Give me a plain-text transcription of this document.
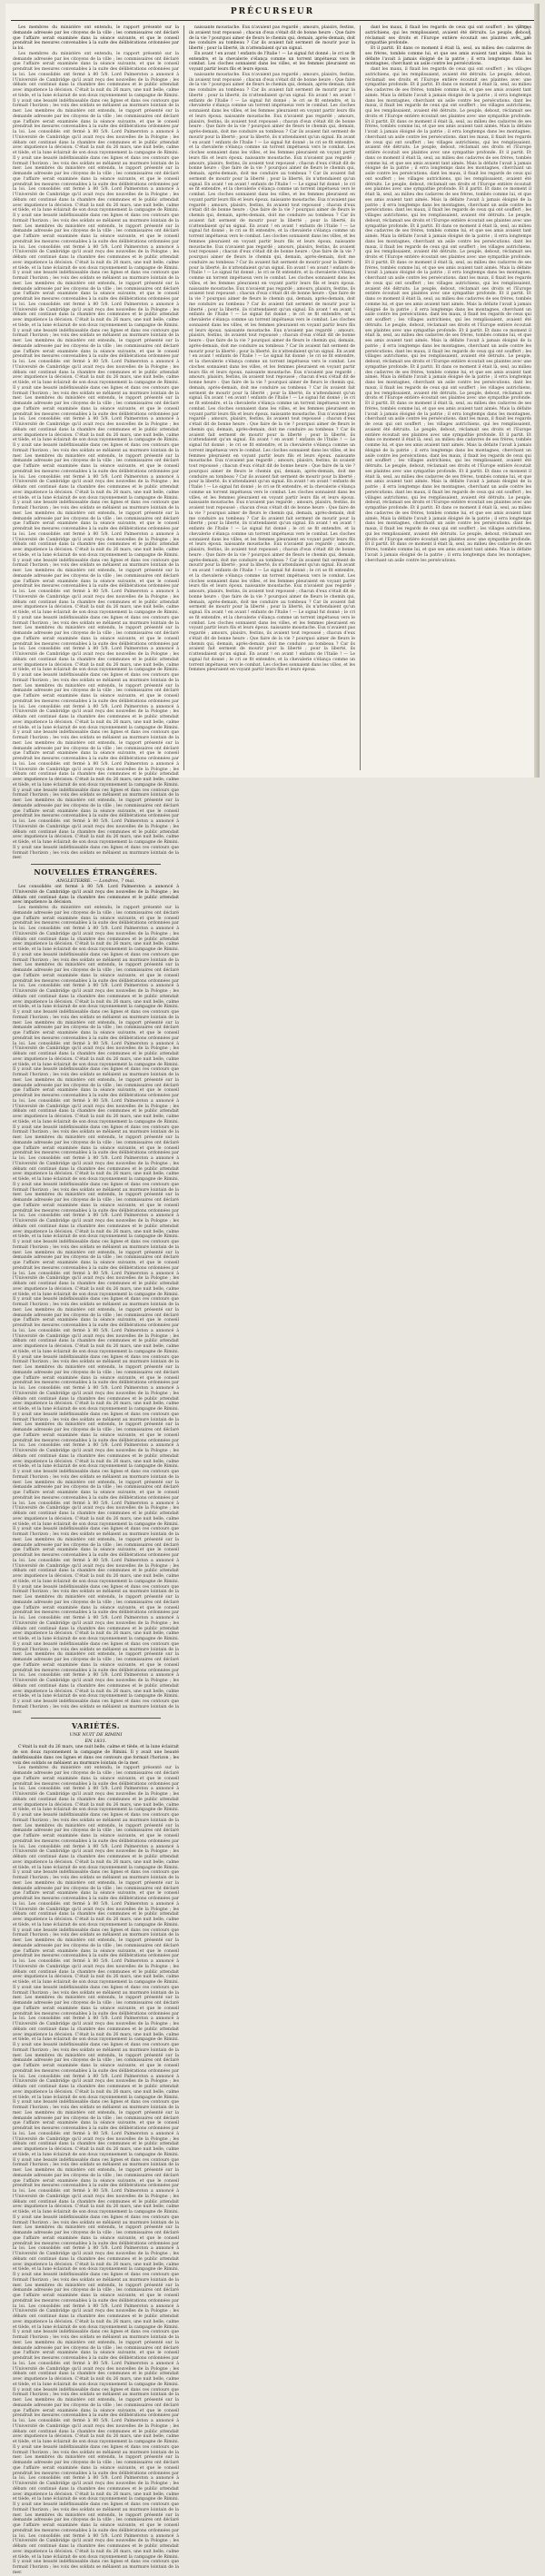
PRÉCURSEUR

Les membres du ministère ont entendu, le rapport présenté sur la demande adressée par les citoyens de la ville ; les commissaires ont déclaré que l'affaire serait examinée dans la séance suivante, et que le conseil prendrait les mesures convenables à la suite des délibérations ordonnées par la loi.

Les membres du ministère ont entendu, le rapport présenté sur la demande adressée par les citoyens de la ville ; les commissaires ont déclaré que l'affaire serait examinée dans la séance suivante, et que le conseil prendrait les mesures convenables à la suite des délibérations ordonnées par la loi. Les consolidés ont fermé à 80 5/8. Lord Palmerston a annoncé à l'Université de Cambridge qu'il avait reçu des nouvelles de la Pologne ; les débats ont continué dans la chambre des communes et le public attendait avec impatience la décision. C'était la nuit du 26 mars, une nuit belle, calme et tiède, et la lune éclairait de son doux rayonnement la campagne de Rimini. Il y avait une beauté indéfinissable dans ces lignes et dans ces contours que formait l'horizon ; les voix des soldats se mêlaient au murmure lointain de la mer. Les membres du ministère ont entendu, le rapport présenté sur la demande adressée par les citoyens de la ville ; les commissaires ont déclaré que l'affaire serait examinée dans la séance suivante, et que le conseil prendrait les mesures convenables à la suite des délibérations ordonnées par la loi. Les consolidés ont fermé à 80 5/8. Lord Palmerston a annoncé à l'Université de Cambridge qu'il avait reçu des nouvelles de la Pologne ; les débats ont continué dans la chambre des communes et le public attendait avec impatience la décision. C'était la nuit du 26 mars, une nuit belle, calme et tiède, et la lune éclairait de son doux rayonnement la campagne de Rimini. Il y avait une beauté indéfinissable dans ces lignes et dans ces contours que formait l'horizon ; les voix des soldats se mêlaient au murmure lointain de la mer. Les membres du ministère ont entendu, le rapport présenté sur la demande adressée par les citoyens de la ville ; les commissaires ont déclaré que l'affaire serait examinée dans la séance suivante, et que le conseil prendrait les mesures convenables à la suite des délibérations ordonnées par la loi. Les consolidés ont fermé à 80 5/8. Lord Palmerston a annoncé à l'Université de Cambridge qu'il avait reçu des nouvelles de la Pologne ; les débats ont continué dans la chambre des communes et le public attendait avec impatience la décision. C'était la nuit du 26 mars, une nuit belle, calme et tiède, et la lune éclairait de son doux rayonnement la campagne de Rimini. Il y avait une beauté indéfinissable dans ces lignes et dans ces contours que formait l'horizon ; les voix des soldats se mêlaient au murmure lointain de la mer. Les membres du ministère ont entendu, le rapport présenté sur la demande adressée par les citoyens de la ville ; les commissaires ont déclaré que l'affaire serait examinée dans la séance suivante, et que le conseil prendrait les mesures convenables à la suite des délibérations ordonnées par la loi. Les consolidés ont fermé à 80 5/8. Lord Palmerston a annoncé à l'Université de Cambridge qu'il avait reçu des nouvelles de la Pologne ; les débats ont continué dans la chambre des communes et le public attendait avec impatience la décision. C'était la nuit du 26 mars, une nuit belle, calme et tiède, et la lune éclairait de son doux rayonnement la campagne de Rimini. Il y avait une beauté indéfinissable dans ces lignes et dans ces contours que formait l'horizon ; les voix des soldats se mêlaient au murmure lointain de la mer. Les membres du ministère ont entendu, le rapport présenté sur la demande adressée par les citoyens de la ville ; les commissaires ont déclaré que l'affaire serait examinée dans la séance suivante, et que le conseil prendrait les mesures convenables à la suite des délibérations ordonnées par la loi. Les consolidés ont fermé à 80 5/8. Lord Palmerston a annoncé à l'Université de Cambridge qu'il avait reçu des nouvelles de la Pologne ; les débats ont continué dans la chambre des communes et le public attendait avec impatience la décision. C'était la nuit du 26 mars, une nuit belle, calme et tiède, et la lune éclairait de son doux rayonnement la campagne de Rimini. Il y avait une beauté indéfinissable dans ces lignes et dans ces contours que formait l'horizon ; les voix des soldats se mêlaient au murmure lointain de la mer. Les membres du ministère ont entendu, le rapport présenté sur la demande adressée par les citoyens de la ville ; les commissaires ont déclaré que l'affaire serait examinée dans la séance suivante, et que le conseil prendrait les mesures convenables à la suite des délibérations ordonnées par la loi. Les consolidés ont fermé à 80 5/8. Lord Palmerston a annoncé à l'Université de Cambridge qu'il avait reçu des nouvelles de la Pologne ; les débats ont continué dans la chambre des communes et le public attendait avec impatience la décision. C'était la nuit du 26 mars, une nuit belle, calme et tiède, et la lune éclairait de son doux rayonnement la campagne de Rimini. Il y avait une beauté indéfinissable dans ces lignes et dans ces contours que formait l'horizon ; les voix des soldats se mêlaient au murmure lointain de la mer. Les membres du ministère ont entendu, le rapport présenté sur la demande adressée par les citoyens de la ville ; les commissaires ont déclaré que l'affaire serait examinée dans la séance suivante, et que le conseil prendrait les mesures convenables à la suite des délibérations ordonnées par la loi. Les consolidés ont fermé à 80 5/8. Lord Palmerston a annoncé à l'Université de Cambridge qu'il avait reçu des nouvelles de la Pologne ; les débats ont continué dans la chambre des communes et le public attendait avec impatience la décision. C'était la nuit du 26 mars, une nuit belle, calme et tiède, et la lune éclairait de son doux rayonnement la campagne de Rimini. Il y avait une beauté indéfinissable dans ces lignes et dans ces contours que formait l'horizon ; les voix des soldats se mêlaient au murmure lointain de la mer. Les membres du ministère ont entendu, le rapport présenté sur la demande adressée par les citoyens de la ville ; les commissaires ont déclaré que l'affaire serait examinée dans la séance suivante, et que le conseil prendrait les mesures convenables à la suite des délibérations ordonnées par la loi. Les consolidés ont fermé à 80 5/8. Lord Palmerston a annoncé à l'Université de Cambridge qu'il avait reçu des nouvelles de la Pologne ; les débats ont continué dans la chambre des communes et le public attendait avec impatience la décision. C'était la nuit du 26 mars, une nuit belle, calme et tiède, et la lune éclairait de son doux rayonnement la campagne de Rimini. Il y avait une beauté indéfinissable dans ces lignes et dans ces contours que formait l'horizon ; les voix des soldats se mêlaient au murmure lointain de la mer. Les membres du ministère ont entendu, le rapport présenté sur la demande adressée par les citoyens de la ville ; les commissaires ont déclaré que l'affaire serait examinée dans la séance suivante, et que le conseil prendrait les mesures convenables à la suite des délibérations ordonnées par la loi. Les consolidés ont fermé à 80 5/8. Lord Palmerston a annoncé à l'Université de Cambridge qu'il avait reçu des nouvelles de la Pologne ; les débats ont continué dans la chambre des communes et le public attendait avec impatience la décision. C'était la nuit du 26 mars, une nuit belle, calme et tiède, et la lune éclairait de son doux rayonnement la campagne de Rimini. Il y avait une beauté indéfinissable dans ces lignes et dans ces contours que formait l'horizon ; les voix des soldats se mêlaient au murmure lointain de la mer. Les membres du ministère ont entendu, le rapport présenté sur la demande adressée par les citoyens de la ville ; les commissaires ont déclaré que l'affaire serait examinée dans la séance suivante, et que le conseil prendrait les mesures convenables à la suite des délibérations ordonnées par la loi. Les consolidés ont fermé à 80 5/8. Lord Palmerston a annoncé à l'Université de Cambridge qu'il avait reçu des nouvelles de la Pologne ; les débats ont continué dans la chambre des communes et le public attendait avec impatience la décision. C'était la nuit du 26 mars, une nuit belle, calme et tiède, et la lune éclairait de son doux rayonnement la campagne de Rimini. Il y avait une beauté indéfinissable dans ces lignes et dans ces contours que formait l'horizon ; les voix des soldats se mêlaient au murmure lointain de la mer. Les membres du ministère ont entendu, le rapport présenté sur la demande adressée par les citoyens de la ville ; les commissaires ont déclaré que l'affaire serait examinée dans la séance suivante, et que le conseil prendrait les mesures convenables à la suite des délibérations ordonnées par la loi. Les consolidés ont fermé à 80 5/8. Lord Palmerston a annoncé à l'Université de Cambridge qu'il avait reçu des nouvelles de la Pologne ; les débats ont continué dans la chambre des communes et le public attendait avec impatience la décision. C'était la nuit du 26 mars, une nuit belle, calme et tiède, et la lune éclairait de son doux rayonnement la campagne de Rimini. Il y avait une beauté indéfinissable dans ces lignes et dans ces contours que formait l'horizon ; les voix des soldats se mêlaient au murmure lointain de la mer. Les membres du ministère ont entendu, le rapport présenté sur la demande adressée par les citoyens de la ville ; les commissaires ont déclaré que l'affaire serait examinée dans la séance suivante, et que le conseil prendrait les mesures convenables à la suite des délibérations ordonnées par la loi. Les consolidés ont fermé à 80 5/8. Lord Palmerston a annoncé à l'Université de Cambridge qu'il avait reçu des nouvelles de la Pologne ; les débats ont continué dans la chambre des communes et le public attendait avec impatience la décision. C'était la nuit du 26 mars, une nuit belle, calme et tiède, et la lune éclairait de son doux rayonnement la campagne de Rimini. Il y avait une beauté indéfinissable dans ces lignes et dans ces contours que formait l'horizon ; les voix des soldats se mêlaient au murmure lointain de la mer. Les membres du ministère ont entendu, le rapport présenté sur la demande adressée par les citoyens de la ville ; les commissaires ont déclaré que l'affaire serait examinée dans la séance suivante, et que le conseil prendrait les mesures convenables à la suite des délibérations ordonnées par la loi. Les consolidés ont fermé à 80 5/8. Lord Palmerston a annoncé à l'Université de Cambridge qu'il avait reçu des nouvelles de la Pologne ; les débats ont continué dans la chambre des communes et le public attendait avec impatience la décision. C'était la nuit du 26 mars, une nuit belle, calme et tiède, et la lune éclairait de son doux rayonnement la campagne de Rimini. Il y avait une beauté indéfinissable dans ces lignes et dans ces contours que formait l'horizon ; les voix des soldats se mêlaient au murmure lointain de la mer. Les membres du ministère ont entendu, le rapport présenté sur la demande adressée par les citoyens de la ville ; les commissaires ont déclaré que l'affaire serait examinée dans la séance suivante, et que le conseil prendrait les mesures convenables à la suite des délibérations ordonnées par la loi. Les consolidés ont fermé à 80 5/8. Lord Palmerston a annoncé à l'Université de Cambridge qu'il avait reçu des nouvelles de la Pologne ; les débats ont continué dans la chambre des communes et le public attendait avec impatience la décision. C'était la nuit du 26 mars, une nuit belle, calme et tiède, et la lune éclairait de son doux rayonnement la campagne de Rimini. Il y avait une beauté indéfinissable dans ces lignes et dans ces contours que formait l'horizon ; les voix des soldats se mêlaient au murmure lointain de la mer.

NOUVELLES ÉTRANGÈRES.
ANGLETERRE. — Londres, 7 mai.

Les consolidés ont fermé à 80 5/8. Lord Palmerston a annoncé à l'Université de Cambridge qu'il avait reçu des nouvelles de la Pologne ; les débats ont continué dans la chambre des communes et le public attendait avec impatience la décision.

Les membres du ministère ont entendu, le rapport présenté sur la demande adressée par les citoyens de la ville ; les commissaires ont déclaré que l'affaire serait examinée dans la séance suivante, et que le conseil prendrait les mesures convenables à la suite des délibérations ordonnées par la loi. Les consolidés ont fermé à 80 5/8. Lord Palmerston a annoncé à l'Université de Cambridge qu'il avait reçu des nouvelles de la Pologne ; les débats ont continué dans la chambre des communes et le public attendait avec impatience la décision. C'était la nuit du 26 mars, une nuit belle, calme et tiède, et la lune éclairait de son doux rayonnement la campagne de Rimini. Il y avait une beauté indéfinissable dans ces lignes et dans ces contours que formait l'horizon ; les voix des soldats se mêlaient au murmure lointain de la mer. Les membres du ministère ont entendu, le rapport présenté sur la demande adressée par les citoyens de la ville ; les commissaires ont déclaré que l'affaire serait examinée dans la séance suivante, et que le conseil prendrait les mesures convenables à la suite des délibérations ordonnées par la loi. Les consolidés ont fermé à 80 5/8. Lord Palmerston a annoncé à l'Université de Cambridge qu'il avait reçu des nouvelles de la Pologne ; les débats ont continué dans la chambre des communes et le public attendait avec impatience la décision. C'était la nuit du 26 mars, une nuit belle, calme et tiède, et la lune éclairait de son doux rayonnement la campagne de Rimini. Il y avait une beauté indéfinissable dans ces lignes et dans ces contours que formait l'horizon ; les voix des soldats se mêlaient au murmure lointain de la mer. Les membres du ministère ont entendu, le rapport présenté sur la demande adressée par les citoyens de la ville ; les commissaires ont déclaré que l'affaire serait examinée dans la séance suivante, et que le conseil prendrait les mesures convenables à la suite des délibérations ordonnées par la loi. Les consolidés ont fermé à 80 5/8. Lord Palmerston a annoncé à l'Université de Cambridge qu'il avait reçu des nouvelles de la Pologne ; les débats ont continué dans la chambre des communes et le public attendait avec impatience la décision. C'était la nuit du 26 mars, une nuit belle, calme et tiède, et la lune éclairait de son doux rayonnement la campagne de Rimini. Il y avait une beauté indéfinissable dans ces lignes et dans ces contours que formait l'horizon ; les voix des soldats se mêlaient au murmure lointain de la mer. Les membres du ministère ont entendu, le rapport présenté sur la demande adressée par les citoyens de la ville ; les commissaires ont déclaré que l'affaire serait examinée dans la séance suivante, et que le conseil prendrait les mesures convenables à la suite des délibérations ordonnées par la loi. Les consolidés ont fermé à 80 5/8. Lord Palmerston a annoncé à l'Université de Cambridge qu'il avait reçu des nouvelles de la Pologne ; les débats ont continué dans la chambre des communes et le public attendait avec impatience la décision. C'était la nuit du 26 mars, une nuit belle, calme et tiède, et la lune éclairait de son doux rayonnement la campagne de Rimini. Il y avait une beauté indéfinissable dans ces lignes et dans ces contours que formait l'horizon ; les voix des soldats se mêlaient au murmure lointain de la mer. Les membres du ministère ont entendu, le rapport présenté sur la demande adressée par les citoyens de la ville ; les commissaires ont déclaré que l'affaire serait examinée dans la séance suivante, et que le conseil prendrait les mesures convenables à la suite des délibérations ordonnées par la loi. Les consolidés ont fermé à 80 5/8. Lord Palmerston a annoncé à l'Université de Cambridge qu'il avait reçu des nouvelles de la Pologne ; les débats ont continué dans la chambre des communes et le public attendait avec impatience la décision. C'était la nuit du 26 mars, une nuit belle, calme et tiède, et la lune éclairait de son doux rayonnement la campagne de Rimini. Il y avait une beauté indéfinissable dans ces lignes et dans ces contours que formait l'horizon ; les voix des soldats se mêlaient au murmure lointain de la mer. Les membres du ministère ont entendu, le rapport présenté sur la demande adressée par les citoyens de la ville ; les commissaires ont déclaré que l'affaire serait examinée dans la séance suivante, et que le conseil prendrait les mesures convenables à la suite des délibérations ordonnées par la loi. Les consolidés ont fermé à 80 5/8. Lord Palmerston a annoncé à l'Université de Cambridge qu'il avait reçu des nouvelles de la Pologne ; les débats ont continué dans la chambre des communes et le public attendait avec impatience la décision. C'était la nuit du 26 mars, une nuit belle, calme et tiède, et la lune éclairait de son doux rayonnement la campagne de Rimini. Il y avait une beauté indéfinissable dans ces lignes et dans ces contours que formait l'horizon ; les voix des soldats se mêlaient au murmure lointain de la mer. Les membres du ministère ont entendu, le rapport présenté sur la demande adressée par les citoyens de la ville ; les commissaires ont déclaré que l'affaire serait examinée dans la séance suivante, et que le conseil prendrait les mesures convenables à la suite des délibérations ordonnées par la loi. Les consolidés ont fermé à 80 5/8. Lord Palmerston a annoncé à l'Université de Cambridge qu'il avait reçu des nouvelles de la Pologne ; les débats ont continué dans la chambre des communes et le public attendait avec impatience la décision. C'était la nuit du 26 mars, une nuit belle, calme et tiède, et la lune éclairait de son doux rayonnement la campagne de Rimini. Il y avait une beauté indéfinissable dans ces lignes et dans ces contours que formait l'horizon ; les voix des soldats se mêlaient au murmure lointain de la mer. Les membres du ministère ont entendu, le rapport présenté sur la demande adressée par les citoyens de la ville ; les commissaires ont déclaré que l'affaire serait examinée dans la séance suivante, et que le conseil prendrait les mesures convenables à la suite des délibérations ordonnées par la loi. Les consolidés ont fermé à 80 5/8. Lord Palmerston a annoncé à l'Université de Cambridge qu'il avait reçu des nouvelles de la Pologne ; les débats ont continué dans la chambre des communes et le public attendait avec impatience la décision. C'était la nuit du 26 mars, une nuit belle, calme et tiède, et la lune éclairait de son doux rayonnement la campagne de Rimini. Il y avait une beauté indéfinissable dans ces lignes et dans ces contours que formait l'horizon ; les voix des soldats se mêlaient au murmure lointain de la mer. Les membres du ministère ont entendu, le rapport présenté sur la demande adressée par les citoyens de la ville ; les commissaires ont déclaré que l'affaire serait examinée dans la séance suivante, et que le conseil prendrait les mesures convenables à la suite des délibérations ordonnées par la loi. Les consolidés ont fermé à 80 5/8. Lord Palmerston a annoncé à l'Université de Cambridge qu'il avait reçu des nouvelles de la Pologne ; les débats ont continué dans la chambre des communes et le public attendait avec impatience la décision. C'était la nuit du 26 mars, une nuit belle, calme et tiède, et la lune éclairait de son doux rayonnement la campagne de Rimini. Il y avait une beauté indéfinissable dans ces lignes et dans ces contours que formait l'horizon ; les voix des soldats se mêlaient au murmure lointain de la mer. Les membres du ministère ont entendu, le rapport présenté sur la demande adressée par les citoyens de la ville ; les commissaires ont déclaré que l'affaire serait examinée dans la séance suivante, et que le conseil prendrait les mesures convenables à la suite des délibérations ordonnées par la loi. Les consolidés ont fermé à 80 5/8. Lord Palmerston a annoncé à l'Université de Cambridge qu'il avait reçu des nouvelles de la Pologne ; les débats ont continué dans la chambre des communes et le public attendait avec impatience la décision. C'était la nuit du 26 mars, une nuit belle, calme et tiède, et la lune éclairait de son doux rayonnement la campagne de Rimini. Il y avait une beauté indéfinissable dans ces lignes et dans ces contours que formait l'horizon ; les voix des soldats se mêlaient au murmure lointain de la mer. Les membres du ministère ont entendu, le rapport présenté sur la demande adressée par les citoyens de la ville ; les commissaires ont déclaré que l'affaire serait examinée dans la séance suivante, et que le conseil prendrait les mesures convenables à la suite des délibérations ordonnées par la loi. Les consolidés ont fermé à 80 5/8. Lord Palmerston a annoncé à l'Université de Cambridge qu'il avait reçu des nouvelles de la Pologne ; les débats ont continué dans la chambre des communes et le public attendait avec impatience la décision. C'était la nuit du 26 mars, une nuit belle, calme et tiède, et la lune éclairait de son doux rayonnement la campagne de Rimini. Il y avait une beauté indéfinissable dans ces lignes et dans ces contours que formait l'horizon ; les voix des soldats se mêlaient au murmure lointain de la mer. Les membres du ministère ont entendu, le rapport présenté sur la demande adressée par les citoyens de la ville ; les commissaires ont déclaré que l'affaire serait examinée dans la séance suivante, et que le conseil prendrait les mesures convenables à la suite des délibérations ordonnées par la loi. Les consolidés ont fermé à 80 5/8. Lord Palmerston a annoncé à l'Université de Cambridge qu'il avait reçu des nouvelles de la Pologne ; les débats ont continué dans la chambre des communes et le public attendait avec impatience la décision. C'était la nuit du 26 mars, une nuit belle, calme et tiède, et la lune éclairait de son doux rayonnement la campagne de Rimini. Il y avait une beauté indéfinissable dans ces lignes et dans ces contours que formait l'horizon ; les voix des soldats se mêlaient au murmure lointain de la mer. Les membres du ministère ont entendu, le rapport présenté sur la demande adressée par les citoyens de la ville ; les commissaires ont déclaré que l'affaire serait examinée dans la séance suivante, et que le conseil prendrait les mesures convenables à la suite des délibérations ordonnées par la loi. Les consolidés ont fermé à 80 5/8. Lord Palmerston a annoncé à l'Université de Cambridge qu'il avait reçu des nouvelles de la Pologne ; les débats ont continué dans la chambre des communes et le public attendait avec impatience la décision. C'était la nuit du 26 mars, une nuit belle, calme et tiède, et la lune éclairait de son doux rayonnement la campagne de Rimini. Il y avait une beauté indéfinissable dans ces lignes et dans ces contours que formait l'horizon ; les voix des soldats se mêlaient au murmure lointain de la mer. Les membres du ministère ont entendu, le rapport présenté sur la demande adressée par les citoyens de la ville ; les commissaires ont déclaré que l'affaire serait examinée dans la séance suivante, et que le conseil prendrait les mesures convenables à la suite des délibérations ordonnées par la loi. Les consolidés ont fermé à 80 5/8. Lord Palmerston a annoncé à l'Université de Cambridge qu'il avait reçu des nouvelles de la Pologne ; les débats ont continué dans la chambre des communes et le public attendait avec impatience la décision. C'était la nuit du 26 mars, une nuit belle, calme et tiède, et la lune éclairait de son doux rayonnement la campagne de Rimini. Il y avait une beauté indéfinissable dans ces lignes et dans ces contours que formait l'horizon ; les voix des soldats se mêlaient au murmure lointain de la mer.

VARIÉTÉS.
UNE NUIT DE RIMINI
EN 1831.

C'était la nuit du 26 mars, une nuit belle, calme et tiède, et la lune éclairait de son doux rayonnement la campagne de Rimini. Il y avait une beauté indéfinissable dans ces lignes et dans ces contours que formait l'horizon ; les voix des soldats se mêlaient au murmure lointain de la mer.

Les membres du ministère ont entendu, le rapport présenté sur la demande adressée par les citoyens de la ville ; les commissaires ont déclaré que l'affaire serait examinée dans la séance suivante, et que le conseil prendrait les mesures convenables à la suite des délibérations ordonnées par la loi. Les consolidés ont fermé à 80 5/8. Lord Palmerston a annoncé à l'Université de Cambridge qu'il avait reçu des nouvelles de la Pologne ; les débats ont continué dans la chambre des communes et le public attendait avec impatience la décision. C'était la nuit du 26 mars, une nuit belle, calme et tiède, et la lune éclairait de son doux rayonnement la campagne de Rimini. Il y avait une beauté indéfinissable dans ces lignes et dans ces contours que formait l'horizon ; les voix des soldats se mêlaient au murmure lointain de la mer. Les membres du ministère ont entendu, le rapport présenté sur la demande adressée par les citoyens de la ville ; les commissaires ont déclaré que l'affaire serait examinée dans la séance suivante, et que le conseil prendrait les mesures convenables à la suite des délibérations ordonnées par la loi. Les consolidés ont fermé à 80 5/8. Lord Palmerston a annoncé à l'Université de Cambridge qu'il avait reçu des nouvelles de la Pologne ; les débats ont continué dans la chambre des communes et le public attendait avec impatience la décision. C'était la nuit du 26 mars, une nuit belle, calme et tiède, et la lune éclairait de son doux rayonnement la campagne de Rimini. Il y avait une beauté indéfinissable dans ces lignes et dans ces contours que formait l'horizon ; les voix des soldats se mêlaient au murmure lointain de la mer. Les membres du ministère ont entendu, le rapport présenté sur la demande adressée par les citoyens de la ville ; les commissaires ont déclaré que l'affaire serait examinée dans la séance suivante, et que le conseil prendrait les mesures convenables à la suite des délibérations ordonnées par la loi. Les consolidés ont fermé à 80 5/8. Lord Palmerston a annoncé à l'Université de Cambridge qu'il avait reçu des nouvelles de la Pologne ; les débats ont continué dans la chambre des communes et le public attendait avec impatience la décision. C'était la nuit du 26 mars, une nuit belle, calme et tiède, et la lune éclairait de son doux rayonnement la campagne de Rimini. Il y avait une beauté indéfinissable dans ces lignes et dans ces contours que formait l'horizon ; les voix des soldats se mêlaient au murmure lointain de la mer. Les membres du ministère ont entendu, le rapport présenté sur la demande adressée par les citoyens de la ville ; les commissaires ont déclaré que l'affaire serait examinée dans la séance suivante, et que le conseil prendrait les mesures convenables à la suite des délibérations ordonnées par la loi. Les consolidés ont fermé à 80 5/8. Lord Palmerston a annoncé à l'Université de Cambridge qu'il avait reçu des nouvelles de la Pologne ; les débats ont continué dans la chambre des communes et le public attendait avec impatience la décision. C'était la nuit du 26 mars, une nuit belle, calme et tiède, et la lune éclairait de son doux rayonnement la campagne de Rimini. Il y avait une beauté indéfinissable dans ces lignes et dans ces contours que formait l'horizon ; les voix des soldats se mêlaient au murmure lointain de la mer. Les membres du ministère ont entendu, le rapport présenté sur la demande adressée par les citoyens de la ville ; les commissaires ont déclaré que l'affaire serait examinée dans la séance suivante, et que le conseil prendrait les mesures convenables à la suite des délibérations ordonnées par la loi. Les consolidés ont fermé à 80 5/8. Lord Palmerston a annoncé à l'Université de Cambridge qu'il avait reçu des nouvelles de la Pologne ; les débats ont continué dans la chambre des communes et le public attendait avec impatience la décision. C'était la nuit du 26 mars, une nuit belle, calme et tiède, et la lune éclairait de son doux rayonnement la campagne de Rimini. Il y avait une beauté indéfinissable dans ces lignes et dans ces contours que formait l'horizon ; les voix des soldats se mêlaient au murmure lointain de la mer. Les membres du ministère ont entendu, le rapport présenté sur la demande adressée par les citoyens de la ville ; les commissaires ont déclaré que l'affaire serait examinée dans la séance suivante, et que le conseil prendrait les mesures convenables à la suite des délibérations ordonnées par la loi. Les consolidés ont fermé à 80 5/8. Lord Palmerston a annoncé à l'Université de Cambridge qu'il avait reçu des nouvelles de la Pologne ; les débats ont continué dans la chambre des communes et le public attendait avec impatience la décision. C'était la nuit du 26 mars, une nuit belle, calme et tiède, et la lune éclairait de son doux rayonnement la campagne de Rimini. Il y avait une beauté indéfinissable dans ces lignes et dans ces contours que formait l'horizon ; les voix des soldats se mêlaient au murmure lointain de la mer. Les membres du ministère ont entendu, le rapport présenté sur la demande adressée par les citoyens de la ville ; les commissaires ont déclaré que l'affaire serait examinée dans la séance suivante, et que le conseil prendrait les mesures convenables à la suite des délibérations ordonnées par la loi. Les consolidés ont fermé à 80 5/8. Lord Palmerston a annoncé à l'Université de Cambridge qu'il avait reçu des nouvelles de la Pologne ; les débats ont continué dans la chambre des communes et le public attendait avec impatience la décision. C'était la nuit du 26 mars, une nuit belle, calme et tiède, et la lune éclairait de son doux rayonnement la campagne de Rimini. Il y avait une beauté indéfinissable dans ces lignes et dans ces contours que formait l'horizon ; les voix des soldats se mêlaient au murmure lointain de la mer. Les membres du ministère ont entendu, le rapport présenté sur la demande adressée par les citoyens de la ville ; les commissaires ont déclaré que l'affaire serait examinée dans la séance suivante, et que le conseil prendrait les mesures convenables à la suite des délibérations ordonnées par la loi. Les consolidés ont fermé à 80 5/8. Lord Palmerston a annoncé à l'Université de Cambridge qu'il avait reçu des nouvelles de la Pologne ; les débats ont continué dans la chambre des communes et le public attendait avec impatience la décision. C'était la nuit du 26 mars, une nuit belle, calme et tiède, et la lune éclairait de son doux rayonnement la campagne de Rimini. Il y avait une beauté indéfinissable dans ces lignes et dans ces contours que formait l'horizon ; les voix des soldats se mêlaient au murmure lointain de la mer. Les membres du ministère ont entendu, le rapport présenté sur la demande adressée par les citoyens de la ville ; les commissaires ont déclaré que l'affaire serait examinée dans la séance suivante, et que le conseil prendrait les mesures convenables à la suite des délibérations ordonnées par la loi. Les consolidés ont fermé à 80 5/8. Lord Palmerston a annoncé à l'Université de Cambridge qu'il avait reçu des nouvelles de la Pologne ; les débats ont continué dans la chambre des communes et le public attendait avec impatience la décision. C'était la nuit du 26 mars, une nuit belle, calme et tiède, et la lune éclairait de son doux rayonnement la campagne de Rimini. Il y avait une beauté indéfinissable dans ces lignes et dans ces contours que formait l'horizon ; les voix des soldats se mêlaient au murmure lointain de la mer. Les membres du ministère ont entendu, le rapport présenté sur la demande adressée par les citoyens de la ville ; les commissaires ont déclaré que l'affaire serait examinée dans la séance suivante, et que le conseil prendrait les mesures convenables à la suite des délibérations ordonnées par la loi. Les consolidés ont fermé à 80 5/8. Lord Palmerston a annoncé à l'Université de Cambridge qu'il avait reçu des nouvelles de la Pologne ; les débats ont continué dans la chambre des communes et le public attendait avec impatience la décision. C'était la nuit du 26 mars, une nuit belle, calme et tiède, et la lune éclairait de son doux rayonnement la campagne de Rimini. Il y avait une beauté indéfinissable dans ces lignes et dans ces contours que formait l'horizon ; les voix des soldats se mêlaient au murmure lointain de la mer. Les membres du ministère ont entendu, le rapport présenté sur la demande adressée par les citoyens de la ville ; les commissaires ont déclaré que l'affaire serait examinée dans la séance suivante, et que le conseil prendrait les mesures convenables à la suite des délibérations ordonnées par la loi. Les consolidés ont fermé à 80 5/8. Lord Palmerston a annoncé à l'Université de Cambridge qu'il avait reçu des nouvelles de la Pologne ; les débats ont continué dans la chambre des communes et le public attendait avec impatience la décision. C'était la nuit du 26 mars, une nuit belle, calme et tiède, et la lune éclairait de son doux rayonnement la campagne de Rimini. Il y avait une beauté indéfinissable dans ces lignes et dans ces contours que formait l'horizon ; les voix des soldats se mêlaient au murmure lointain de la mer. Les membres du ministère ont entendu, le rapport présenté sur la demande adressée par les citoyens de la ville ; les commissaires ont déclaré que l'affaire serait examinée dans la séance suivante, et que le conseil prendrait les mesures convenables à la suite des délibérations ordonnées par la loi. Les consolidés ont fermé à 80 5/8. Lord Palmerston a annoncé à l'Université de Cambridge qu'il avait reçu des nouvelles de la Pologne ; les débats ont continué dans la chambre des communes et le public attendait avec impatience la décision. C'était la nuit du 26 mars, une nuit belle, calme et tiède, et la lune éclairait de son doux rayonnement la campagne de Rimini. Il y avait une beauté indéfinissable dans ces lignes et dans ces contours que formait l'horizon ; les voix des soldats se mêlaient au murmure lointain de la mer. Les membres du ministère ont entendu, le rapport présenté sur la demande adressée par les citoyens de la ville ; les commissaires ont déclaré que l'affaire serait examinée dans la séance suivante, et que le conseil prendrait les mesures convenables à la suite des délibérations ordonnées par la loi. Les consolidés ont fermé à 80 5/8. Lord Palmerston a annoncé à l'Université de Cambridge qu'il avait reçu des nouvelles de la Pologne ; les débats ont continué dans la chambre des communes et le public attendait avec impatience la décision. C'était la nuit du 26 mars, une nuit belle, calme et tiède, et la lune éclairait de son doux rayonnement la campagne de Rimini. Il y avait une beauté indéfinissable dans ces lignes et dans ces contours que formait l'horizon ; les voix des soldats se mêlaient au murmure lointain de la mer. Les membres du ministère ont entendu, le rapport présenté sur la demande adressée par les citoyens de la ville ; les commissaires ont déclaré que l'affaire serait examinée dans la séance suivante, et que le conseil prendrait les mesures convenables à la suite des délibérations ordonnées par la loi. Les consolidés ont fermé à 80 5/8. Lord Palmerston a annoncé à l'Université de Cambridge qu'il avait reçu des nouvelles de la Pologne ; les débats ont continué dans la chambre des communes et le public attendait avec impatience la décision. C'était la nuit du 26 mars, une nuit belle, calme et tiède, et la lune éclairait de son doux rayonnement la campagne de Rimini. Il y avait une beauté indéfinissable dans ces lignes et dans ces contours que formait l'horizon ; les voix des soldats se mêlaient au murmure lointain de la mer.

naissante moustache. Eux n'avaient pas regardé ; amours, plaisirs, festins, ils avaient tout repoussé ; chacun d'eux s'était dit de bonne heure : Que faire de la vie ? pourquoi aimer de fleurs le chemin qui, demain, après-demain, doit me conduire au tombeau ? Car ils avaient fait serment de mourir pour la liberté ; pour la liberté, ils n'attendaient qu'un signal.

En avant ! en avant ! enfants de l'Italie ! — Le signal fut donné ; le cri se fit entendre, et la chevalerie s'élança comme un torrent impétueux vers le combat. Les cloches sonnaient dans les villes, et les femmes pleuraient en voyant partir leurs fils et leurs époux.

naissante moustache. Eux n'avaient pas regardé ; amours, plaisirs, festins, ils avaient tout repoussé ; chacun d'eux s'était dit de bonne heure : Que faire de la vie ? pourquoi aimer de fleurs le chemin qui, demain, après-demain, doit me conduire au tombeau ? Car ils avaient fait serment de mourir pour la liberté ; pour la liberté, ils n'attendaient qu'un signal. En avant ! en avant ! enfants de l'Italie ! — Le signal fut donné ; le cri se fit entendre, et la chevalerie s'élança comme un torrent impétueux vers le combat. Les cloches sonnaient dans les villes, et les femmes pleuraient en voyant partir leurs fils et leurs époux. naissante moustache. Eux n'avaient pas regardé ; amours, plaisirs, festins, ils avaient tout repoussé ; chacun d'eux s'était dit de bonne heure : Que faire de la vie ? pourquoi aimer de fleurs le chemin qui, demain, après-demain, doit me conduire au tombeau ? Car ils avaient fait serment de mourir pour la liberté ; pour la liberté, ils n'attendaient qu'un signal. En avant ! en avant ! enfants de l'Italie ! — Le signal fut donné ; le cri se fit entendre, et la chevalerie s'élança comme un torrent impétueux vers le combat. Les cloches sonnaient dans les villes, et les femmes pleuraient en voyant partir leurs fils et leurs époux. naissante moustache. Eux n'avaient pas regardé ; amours, plaisirs, festins, ils avaient tout repoussé ; chacun d'eux s'était dit de bonne heure : Que faire de la vie ? pourquoi aimer de fleurs le chemin qui, demain, après-demain, doit me conduire au tombeau ? Car ils avaient fait serment de mourir pour la liberté ; pour la liberté, ils n'attendaient qu'un signal. En avant ! en avant ! enfants de l'Italie ! — Le signal fut donné ; le cri se fit entendre, et la chevalerie s'élança comme un torrent impétueux vers le combat. Les cloches sonnaient dans les villes, et les femmes pleuraient en voyant partir leurs fils et leurs époux. naissante moustache. Eux n'avaient pas regardé ; amours, plaisirs, festins, ils avaient tout repoussé ; chacun d'eux s'était dit de bonne heure : Que faire de la vie ? pourquoi aimer de fleurs le chemin qui, demain, après-demain, doit me conduire au tombeau ? Car ils avaient fait serment de mourir pour la liberté ; pour la liberté, ils n'attendaient qu'un signal. En avant ! en avant ! enfants de l'Italie ! — Le signal fut donné ; le cri se fit entendre, et la chevalerie s'élança comme un torrent impétueux vers le combat. Les cloches sonnaient dans les villes, et les femmes pleuraient en voyant partir leurs fils et leurs époux. naissante moustache. Eux n'avaient pas regardé ; amours, plaisirs, festins, ils avaient tout repoussé ; chacun d'eux s'était dit de bonne heure : Que faire de la vie ? pourquoi aimer de fleurs le chemin qui, demain, après-demain, doit me conduire au tombeau ? Car ils avaient fait serment de mourir pour la liberté ; pour la liberté, ils n'attendaient qu'un signal. En avant ! en avant ! enfants de l'Italie ! — Le signal fut donné ; le cri se fit entendre, et la chevalerie s'élança comme un torrent impétueux vers le combat. Les cloches sonnaient dans les villes, et les femmes pleuraient en voyant partir leurs fils et leurs époux. naissante moustache. Eux n'avaient pas regardé ; amours, plaisirs, festins, ils avaient tout repoussé ; chacun d'eux s'était dit de bonne heure : Que faire de la vie ? pourquoi aimer de fleurs le chemin qui, demain, après-demain, doit me conduire au tombeau ? Car ils avaient fait serment de mourir pour la liberté ; pour la liberté, ils n'attendaient qu'un signal. En avant ! en avant ! enfants de l'Italie ! — Le signal fut donné ; le cri se fit entendre, et la chevalerie s'élança comme un torrent impétueux vers le combat. Les cloches sonnaient dans les villes, et les femmes pleuraient en voyant partir leurs fils et leurs époux. naissante moustache. Eux n'avaient pas regardé ; amours, plaisirs, festins, ils avaient tout repoussé ; chacun d'eux s'était dit de bonne heure : Que faire de la vie ? pourquoi aimer de fleurs le chemin qui, demain, après-demain, doit me conduire au tombeau ? Car ils avaient fait serment de mourir pour la liberté ; pour la liberté, ils n'attendaient qu'un signal. En avant ! en avant ! enfants de l'Italie ! — Le signal fut donné ; le cri se fit entendre, et la chevalerie s'élança comme un torrent impétueux vers le combat. Les cloches sonnaient dans les villes, et les femmes pleuraient en voyant partir leurs fils et leurs époux. naissante moustache. Eux n'avaient pas regardé ; amours, plaisirs, festins, ils avaient tout repoussé ; chacun d'eux s'était dit de bonne heure : Que faire de la vie ? pourquoi aimer de fleurs le chemin qui, demain, après-demain, doit me conduire au tombeau ? Car ils avaient fait serment de mourir pour la liberté ; pour la liberté, ils n'attendaient qu'un signal. En avant ! en avant ! enfants de l'Italie ! — Le signal fut donné ; le cri se fit entendre, et la chevalerie s'élança comme un torrent impétueux vers le combat. Les cloches sonnaient dans les villes, et les femmes pleuraient en voyant partir leurs fils et leurs époux. naissante moustache. Eux n'avaient pas regardé ; amours, plaisirs, festins, ils avaient tout repoussé ; chacun d'eux s'était dit de bonne heure : Que faire de la vie ? pourquoi aimer de fleurs le chemin qui, demain, après-demain, doit me conduire au tombeau ? Car ils avaient fait serment de mourir pour la liberté ; pour la liberté, ils n'attendaient qu'un signal. En avant ! en avant ! enfants de l'Italie ! — Le signal fut donné ; le cri se fit entendre, et la chevalerie s'élança comme un torrent impétueux vers le combat. Les cloches sonnaient dans les villes, et les femmes pleuraient en voyant partir leurs fils et leurs époux. naissante moustache. Eux n'avaient pas regardé ; amours, plaisirs, festins, ils avaient tout repoussé ; chacun d'eux s'était dit de bonne heure : Que faire de la vie ? pourquoi aimer de fleurs le chemin qui, demain, après-demain, doit me conduire au tombeau ? Car ils avaient fait serment de mourir pour la liberté ; pour la liberté, ils n'attendaient qu'un signal. En avant ! en avant ! enfants de l'Italie ! — Le signal fut donné ; le cri se fit entendre, et la chevalerie s'élança comme un torrent impétueux vers le combat. Les cloches sonnaient dans les villes, et les femmes pleuraient en voyant partir leurs fils et leurs époux. naissante moustache. Eux n'avaient pas regardé ; amours, plaisirs, festins, ils avaient tout repoussé ; chacun d'eux s'était dit de bonne heure : Que faire de la vie ? pourquoi aimer de fleurs le chemin qui, demain, après-demain, doit me conduire au tombeau ? Car ils avaient fait serment de mourir pour la liberté ; pour la liberté, ils n'attendaient qu'un signal. En avant ! en avant ! enfants de l'Italie ! — Le signal fut donné ; le cri se fit entendre, et la chevalerie s'élança comme un torrent impétueux vers le combat. Les cloches sonnaient dans les villes, et les femmes pleuraient en voyant partir leurs fils et leurs époux. naissante moustache. Eux n'avaient pas regardé ; amours, plaisirs, festins, ils avaient tout repoussé ; chacun d'eux s'était dit de bonne heure : Que faire de la vie ? pourquoi aimer de fleurs le chemin qui, demain, après-demain, doit me conduire au tombeau ? Car ils avaient fait serment de mourir pour la liberté ; pour la liberté, ils n'attendaient qu'un signal. En avant ! en avant ! enfants de l'Italie ! — Le signal fut donné ; le cri se fit entendre, et la chevalerie s'élança comme un torrent impétueux vers le combat. Les cloches sonnaient dans les villes, et les femmes pleuraient en voyant partir leurs fils et leurs époux. naissante moustache. Eux n'avaient pas regardé ; amours, plaisirs, festins, ils avaient tout repoussé ; chacun d'eux s'était dit de bonne heure : Que faire de la vie ? pourquoi aimer de fleurs le chemin qui, demain, après-demain, doit me conduire au tombeau ? Car ils avaient fait serment de mourir pour la liberté ; pour la liberté, ils n'attendaient qu'un signal. En avant ! en avant ! enfants de l'Italie ! — Le signal fut donné ; le cri se fit entendre, et la chevalerie s'élança comme un torrent impétueux vers le combat. Les cloches sonnaient dans les villes, et les femmes pleuraient en voyant partir leurs fils et leurs époux. naissante moustache. Eux n'avaient pas regardé ; amours, plaisirs, festins, ils avaient tout repoussé ; chacun d'eux s'était dit de bonne heure : Que faire de la vie ? pourquoi aimer de fleurs le chemin qui, demain, après-demain, doit me conduire au tombeau ? Car ils avaient fait serment de mourir pour la liberté ; pour la liberté, ils n'attendaient qu'un signal. En avant ! en avant ! enfants de l'Italie ! — Le signal fut donné ; le cri se fit entendre, et la chevalerie s'élança comme un torrent impétueux vers le combat. Les cloches sonnaient dans les villes, et les femmes pleuraient en voyant partir leurs fils et leurs époux.

dant les maux, il fixait les regards de ceux qui ont souffert ; les villages autrichiens, qui les remplissaient, avaient été détruits. Le peuple, debout, réclamait ses droits et l'Europe entière écoutait ses plaintes avec une sympathie profonde.

Et il partit. Et dans ce moment il était là, seul, au milieu des cadavres de ses frères, tombés comme lui, et que ses amis avaient tant aimés. Mais la défaite l'avait à jamais éloigné de la patrie ; il erra longtemps dans les montagnes, cherchant un asile contre les persécutions.

dant les maux, il fixait les regards de ceux qui ont souffert ; les villages autrichiens, qui les remplissaient, avaient été détruits. Le peuple, debout, réclamait ses droits et l'Europe entière écoutait ses plaintes avec une sympathie profonde. Et il partit. Et dans ce moment il était là, seul, au milieu des cadavres de ses frères, tombés comme lui, et que ses amis avaient tant aimés. Mais la défaite l'avait à jamais éloigné de la patrie ; il erra longtemps dans les montagnes, cherchant un asile contre les persécutions. dant les maux, il fixait les regards de ceux qui ont souffert ; les villages autrichiens, qui les remplissaient, avaient été détruits. Le peuple, debout, réclamait ses droits et l'Europe entière écoutait ses plaintes avec une sympathie profonde. Et il partit. Et dans ce moment il était là, seul, au milieu des cadavres de ses frères, tombés comme lui, et que ses amis avaient tant aimés. Mais la défaite l'avait à jamais éloigné de la patrie ; il erra longtemps dans les montagnes, cherchant un asile contre les persécutions. dant les maux, il fixait les regards de ceux qui ont souffert ; les villages autrichiens, qui les remplissaient, avaient été détruits. Le peuple, debout, réclamait ses droits et l'Europe entière écoutait ses plaintes avec une sympathie profonde. Et il partit. Et dans ce moment il était là, seul, au milieu des cadavres de ses frères, tombés comme lui, et que ses amis avaient tant aimés. Mais la défaite l'avait à jamais éloigné de la patrie ; il erra longtemps dans les montagnes, cherchant un asile contre les persécutions. dant les maux, il fixait les regards de ceux qui ont souffert ; les villages autrichiens, qui les remplissaient, avaient été détruits. Le peuple, debout, réclamait ses droits et l'Europe entière écoutait ses plaintes avec une sympathie profonde. Et il partit. Et dans ce moment il était là, seul, au milieu des cadavres de ses frères, tombés comme lui, et que ses amis avaient tant aimés. Mais la défaite l'avait à jamais éloigné de la patrie ; il erra longtemps dans les montagnes, cherchant un asile contre les persécutions. dant les maux, il fixait les regards de ceux qui ont souffert ; les villages autrichiens, qui les remplissaient, avaient été détruits. Le peuple, debout, réclamait ses droits et l'Europe entière écoutait ses plaintes avec une sympathie profonde. Et il partit. Et dans ce moment il était là, seul, au milieu des cadavres de ses frères, tombés comme lui, et que ses amis avaient tant aimés. Mais la défaite l'avait à jamais éloigné de la patrie ; il erra longtemps dans les montagnes, cherchant un asile contre les persécutions. dant les maux, il fixait les regards de ceux qui ont souffert ; les villages autrichiens, qui les remplissaient, avaient été détruits. Le peuple, debout, réclamait ses droits et l'Europe entière écoutait ses plaintes avec une sympathie profonde. Et il partit. Et dans ce moment il était là, seul, au milieu des cadavres de ses frères, tombés comme lui, et que ses amis avaient tant aimés. Mais la défaite l'avait à jamais éloigné de la patrie ; il erra longtemps dans les montagnes, cherchant un asile contre les persécutions. dant les maux, il fixait les regards de ceux qui ont souffert ; les villages autrichiens, qui les remplissaient, avaient été détruits. Le peuple, debout, réclamait ses droits et l'Europe entière écoutait ses plaintes avec une sympathie profonde. Et il partit. Et dans ce moment il était là, seul, au milieu des cadavres de ses frères, tombés comme lui, et que ses amis avaient tant aimés. Mais la défaite l'avait à jamais éloigné de la patrie ; il erra longtemps dans les montagnes, cherchant un asile contre les persécutions. dant les maux, il fixait les regards de ceux qui ont souffert ; les villages autrichiens, qui les remplissaient, avaient été détruits. Le peuple, debout, réclamait ses droits et l'Europe entière écoutait ses plaintes avec une sympathie profonde. Et il partit. Et dans ce moment il était là, seul, au milieu des cadavres de ses frères, tombés comme lui, et que ses amis avaient tant aimés. Mais la défaite l'avait à jamais éloigné de la patrie ; il erra longtemps dans les montagnes, cherchant un asile contre les persécutions. dant les maux, il fixait les regards de ceux qui ont souffert ; les villages autrichiens, qui les remplissaient, avaient été détruits. Le peuple, debout, réclamait ses droits et l'Europe entière écoutait ses plaintes avec une sympathie profonde. Et il partit. Et dans ce moment il était là, seul, au milieu des cadavres de ses frères, tombés comme lui, et que ses amis avaient tant aimés. Mais la défaite l'avait à jamais éloigné de la patrie ; il erra longtemps dans les montagnes, cherchant un asile contre les persécutions. dant les maux, il fixait les regards de ceux qui ont souffert ; les villages autrichiens, qui les remplissaient, avaient été détruits. Le peuple, debout, réclamait ses droits et l'Europe entière écoutait ses plaintes avec une sympathie profonde. Et il partit. Et dans ce moment il était là, seul, au milieu des cadavres de ses frères, tombés comme lui, et que ses amis avaient tant aimés. Mais la défaite l'avait à jamais éloigné de la patrie ; il erra longtemps dans les montagnes, cherchant un asile contre les persécutions. dant les maux, il fixait les regards de ceux qui ont souffert ; les villages autrichiens, qui les remplissaient, avaient été détruits. Le peuple, debout, réclamait ses droits et l'Europe entière écoutait ses plaintes avec une sympathie profonde. Et il partit. Et dans ce moment il était là, seul, au milieu des cadavres de ses frères, tombés comme lui, et que ses amis avaient tant aimés. Mais la défaite l'avait à jamais éloigné de la patrie ; il erra longtemps dans les montagnes, cherchant un asile contre les persécutions. dant les maux, il fixait les regards de ceux qui ont souffert ; les villages autrichiens, qui les remplissaient, avaient été détruits. Le peuple, debout, réclamait ses droits et l'Europe entière écoutait ses plaintes avec une sympathie profonde. Et il partit. Et dans ce moment il était là, seul, au milieu des cadavres de ses frères, tombés comme lui, et que ses amis avaient tant aimés. Mais la défaite l'avait à jamais éloigné de la patrie ; il erra longtemps dans les montagnes, cherchant un asile contre les persécutions. dant les maux, il fixait les regards de ceux qui ont souffert ; les villages autrichiens, qui les remplissaient, avaient été détruits. Le peuple, debout, réclamait ses droits et l'Europe entière écoutait ses plaintes avec une sympathie profonde. Et il partit. Et dans ce moment il était là, seul, au milieu des cadavres de ses frères, tombés comme lui, et que ses amis avaient tant aimés. Mais la défaite l'avait à jamais éloigné de la patrie ; il erra longtemps dans les montagnes, cherchant un asile contre les persécutions. dant les maux, il fixait les regards de ceux qui ont souffert ; les villages autrichiens, qui les remplissaient, avaient été détruits. Le peuple, debout, réclamait ses droits et l'Europe entière écoutait ses plaintes avec une sympathie profonde. Et il partit. Et dans ce moment il était là, seul, au milieu des cadavres de ses frères, tombés comme lui, et que ses amis avaient tant aimés. Mais la défaite l'avait à jamais éloigné de la patrie ; il erra longtemps dans les montagnes, cherchant un asile contre les persécutions.
